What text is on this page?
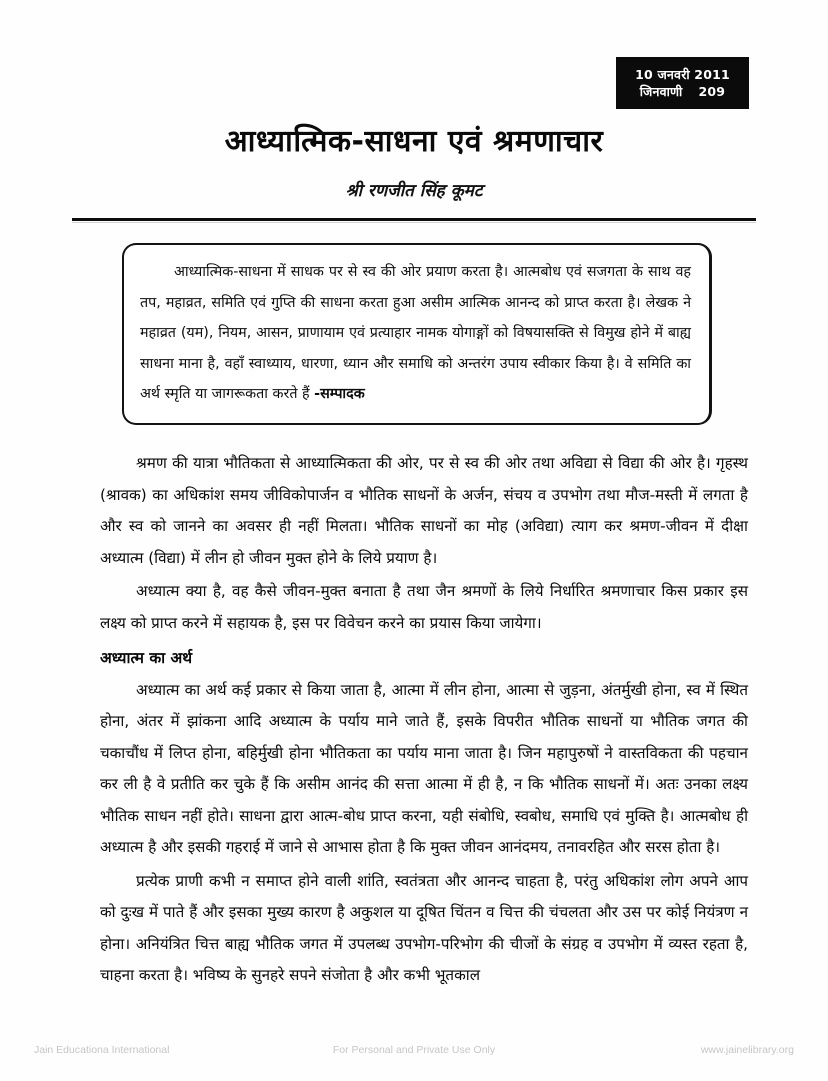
10 जनवरी 2011
जिनवाणी 209
आध्यात्मिक-साधना एवं श्रमणाचार
श्री रणजीत सिंह कूमट
आध्यात्मिक-साधना में साधक पर से स्व की ओर प्रयाण करता है। आत्मबोध एवं सजगता के साथ वह तप, महाव्रत, समिति एवं गुप्ति की साधना करता हुआ असीम आत्मिक आनन्द को प्राप्त करता है। लेखक ने महाव्रत (यम), नियम, आसन, प्राणायाम एवं प्रत्याहार नामक योगाङ्गों को विषयासक्ति से विमुख होने में बाह्य साधना माना है, वहाँ स्वाध्याय, धारणा, ध्यान और समाधि को अन्तरंग उपाय स्वीकार किया है। वे समिति का अर्थ स्मृति या जागरूकता करते हैं -सम्पादक

श्रमण की यात्रा भौतिकता से आध्यात्मिकता की ओर, पर से स्व की ओर तथा अविद्या से विद्या की ओर है। गृहस्थ (श्रावक) का अधिकांश समय जीविकोपार्जन व भौतिक साधनों के अर्जन, संचय व उपभोग तथा मौज-मस्ती में लगता है और स्व को जानने का अवसर ही नहीं मिलता। भौतिक साधनों का मोह (अविद्या) त्याग कर श्रमण-जीवन में दीक्षा अध्यात्म (विद्या) में लीन हो जीवन मुक्त होने के लिये प्रयाण है।

अध्यात्म क्या है, वह कैसे जीवन-मुक्त बनाता है तथा जैन श्रमणों के लिये निर्धारित श्रमणाचार किस प्रकार इस लक्ष्य को प्राप्त करने में सहायक है, इस पर विवेचन करने का प्रयास किया जायेगा।

अध्यात्म का अर्थ

अध्यात्म का अर्थ कई प्रकार से किया जाता है, आत्मा में लीन होना, आत्मा से जुड़ना, अंतर्मुखी होना, स्व में स्थित होना, अंतर में झांकना आदि अध्यात्म के पर्याय माने जाते हैं, इसके विपरीत भौतिक साधनों या भौतिक जगत की चकाचौंध में लिप्त होना, बहिर्मुखी होना भौतिकता का पर्याय माना जाता है। जिन महापुरुषों ने वास्तविकता की पहचान कर ली है वे प्रतीति कर चुके हैं कि असीम आनंद की सत्ता आत्मा में ही है, न कि भौतिक साधनों में। अतः उनका लक्ष्य भौतिक साधन नहीं होते। साधना द्वारा आत्म-बोध प्राप्त करना, यही संबोधि, स्वबोध, समाधि एवं मुक्ति है। आत्मबोध ही अध्यात्म है और इसकी गहराई में जाने से आभास होता है कि मुक्त जीवन आनंदमय, तनावरहित और सरस होता है।

प्रत्येक प्राणी कभी न समाप्त होने वाली शांति, स्वतंत्रता और आनन्द चाहता है, परंतु अधिकांश लोग अपने आप को दुःख में पाते हैं और इसका मुख्य कारण है अकुशल या दूषित चिंतन व चित्त की चंचलता और उस पर कोई नियंत्रण न होना। अनियंत्रित चित्त बाह्य भौतिक जगत में उपलब्ध उपभोग-परिभोग की चीजों के संग्रह व उपभोग में व्यस्त रहता है, चाहना करता है। भविष्य के सुनहरे सपने संजोता है और कभी भूतकाल

Jain Educationa International	For Personal and Private Use Only	www.jainelibrary.org
